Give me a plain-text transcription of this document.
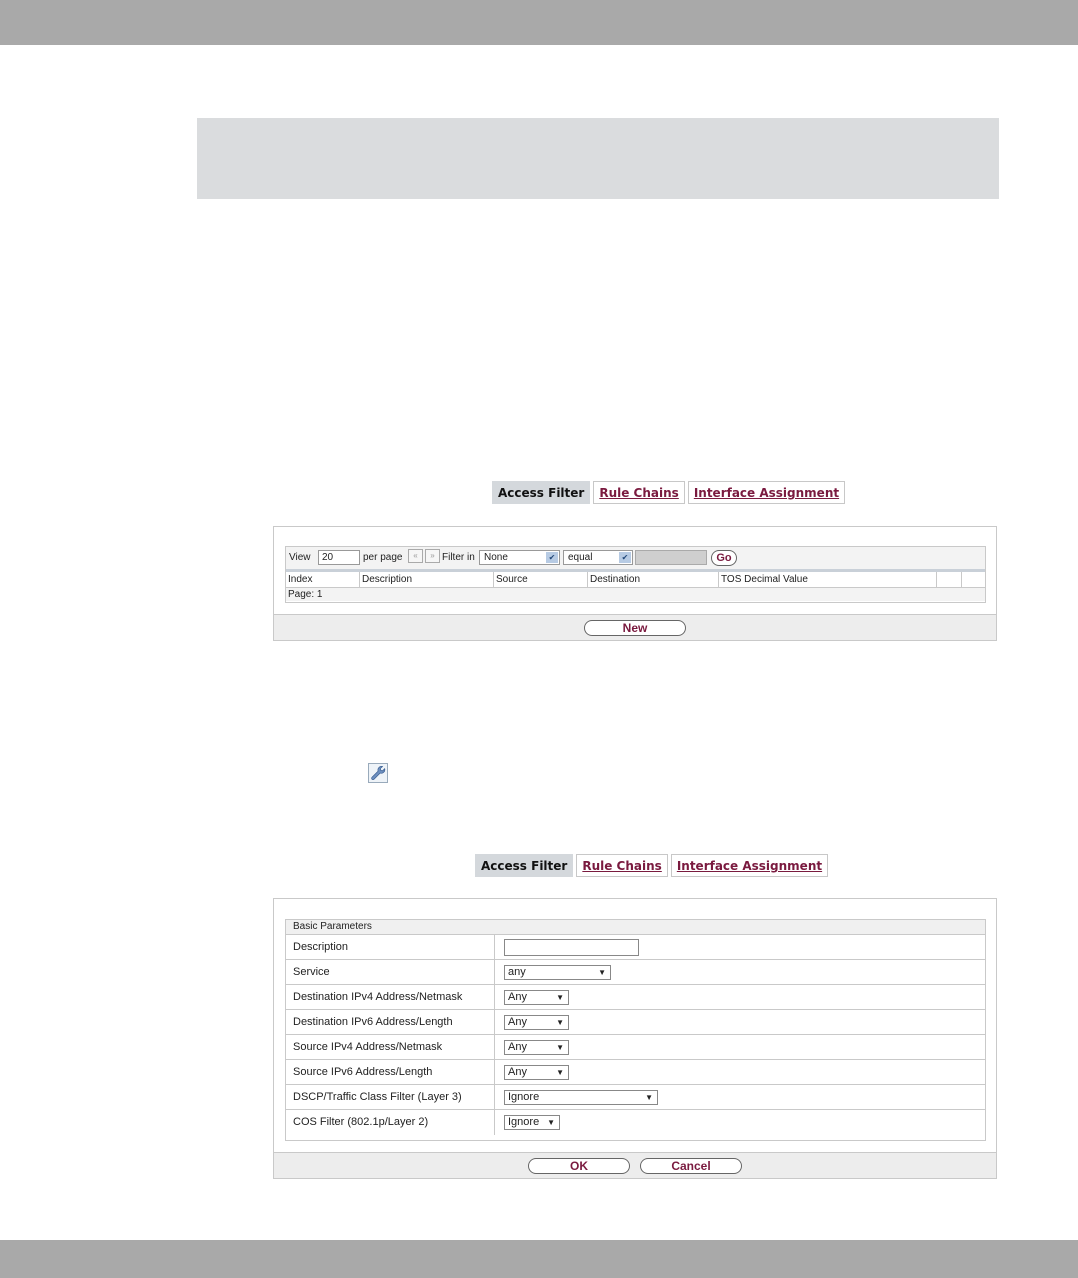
Access Filter	Rule Chains	Interface Assignment
View	20	per page	«	» Filter in None	✔	equal	✔	Go
Index	Description	Source	Destination	TOS Decimal Value
Page: 1
New
Access Filter	Rule Chains	Interface Assignment
Basic Parameters
Description
Service	any	▼
Destination IPv4 Address/Netmask	Any	▼
Destination IPv6 Address/Length	Any	▼
Source IPv4 Address/Netmask	Any	▼
Source IPv6 Address/Length	Any	▼
DSCP/Traffic Class Filter (Layer 3)	Ignore	▼
COS Filter (802.1p/Layer 2)	Ignore ▼
OK	Cancel
